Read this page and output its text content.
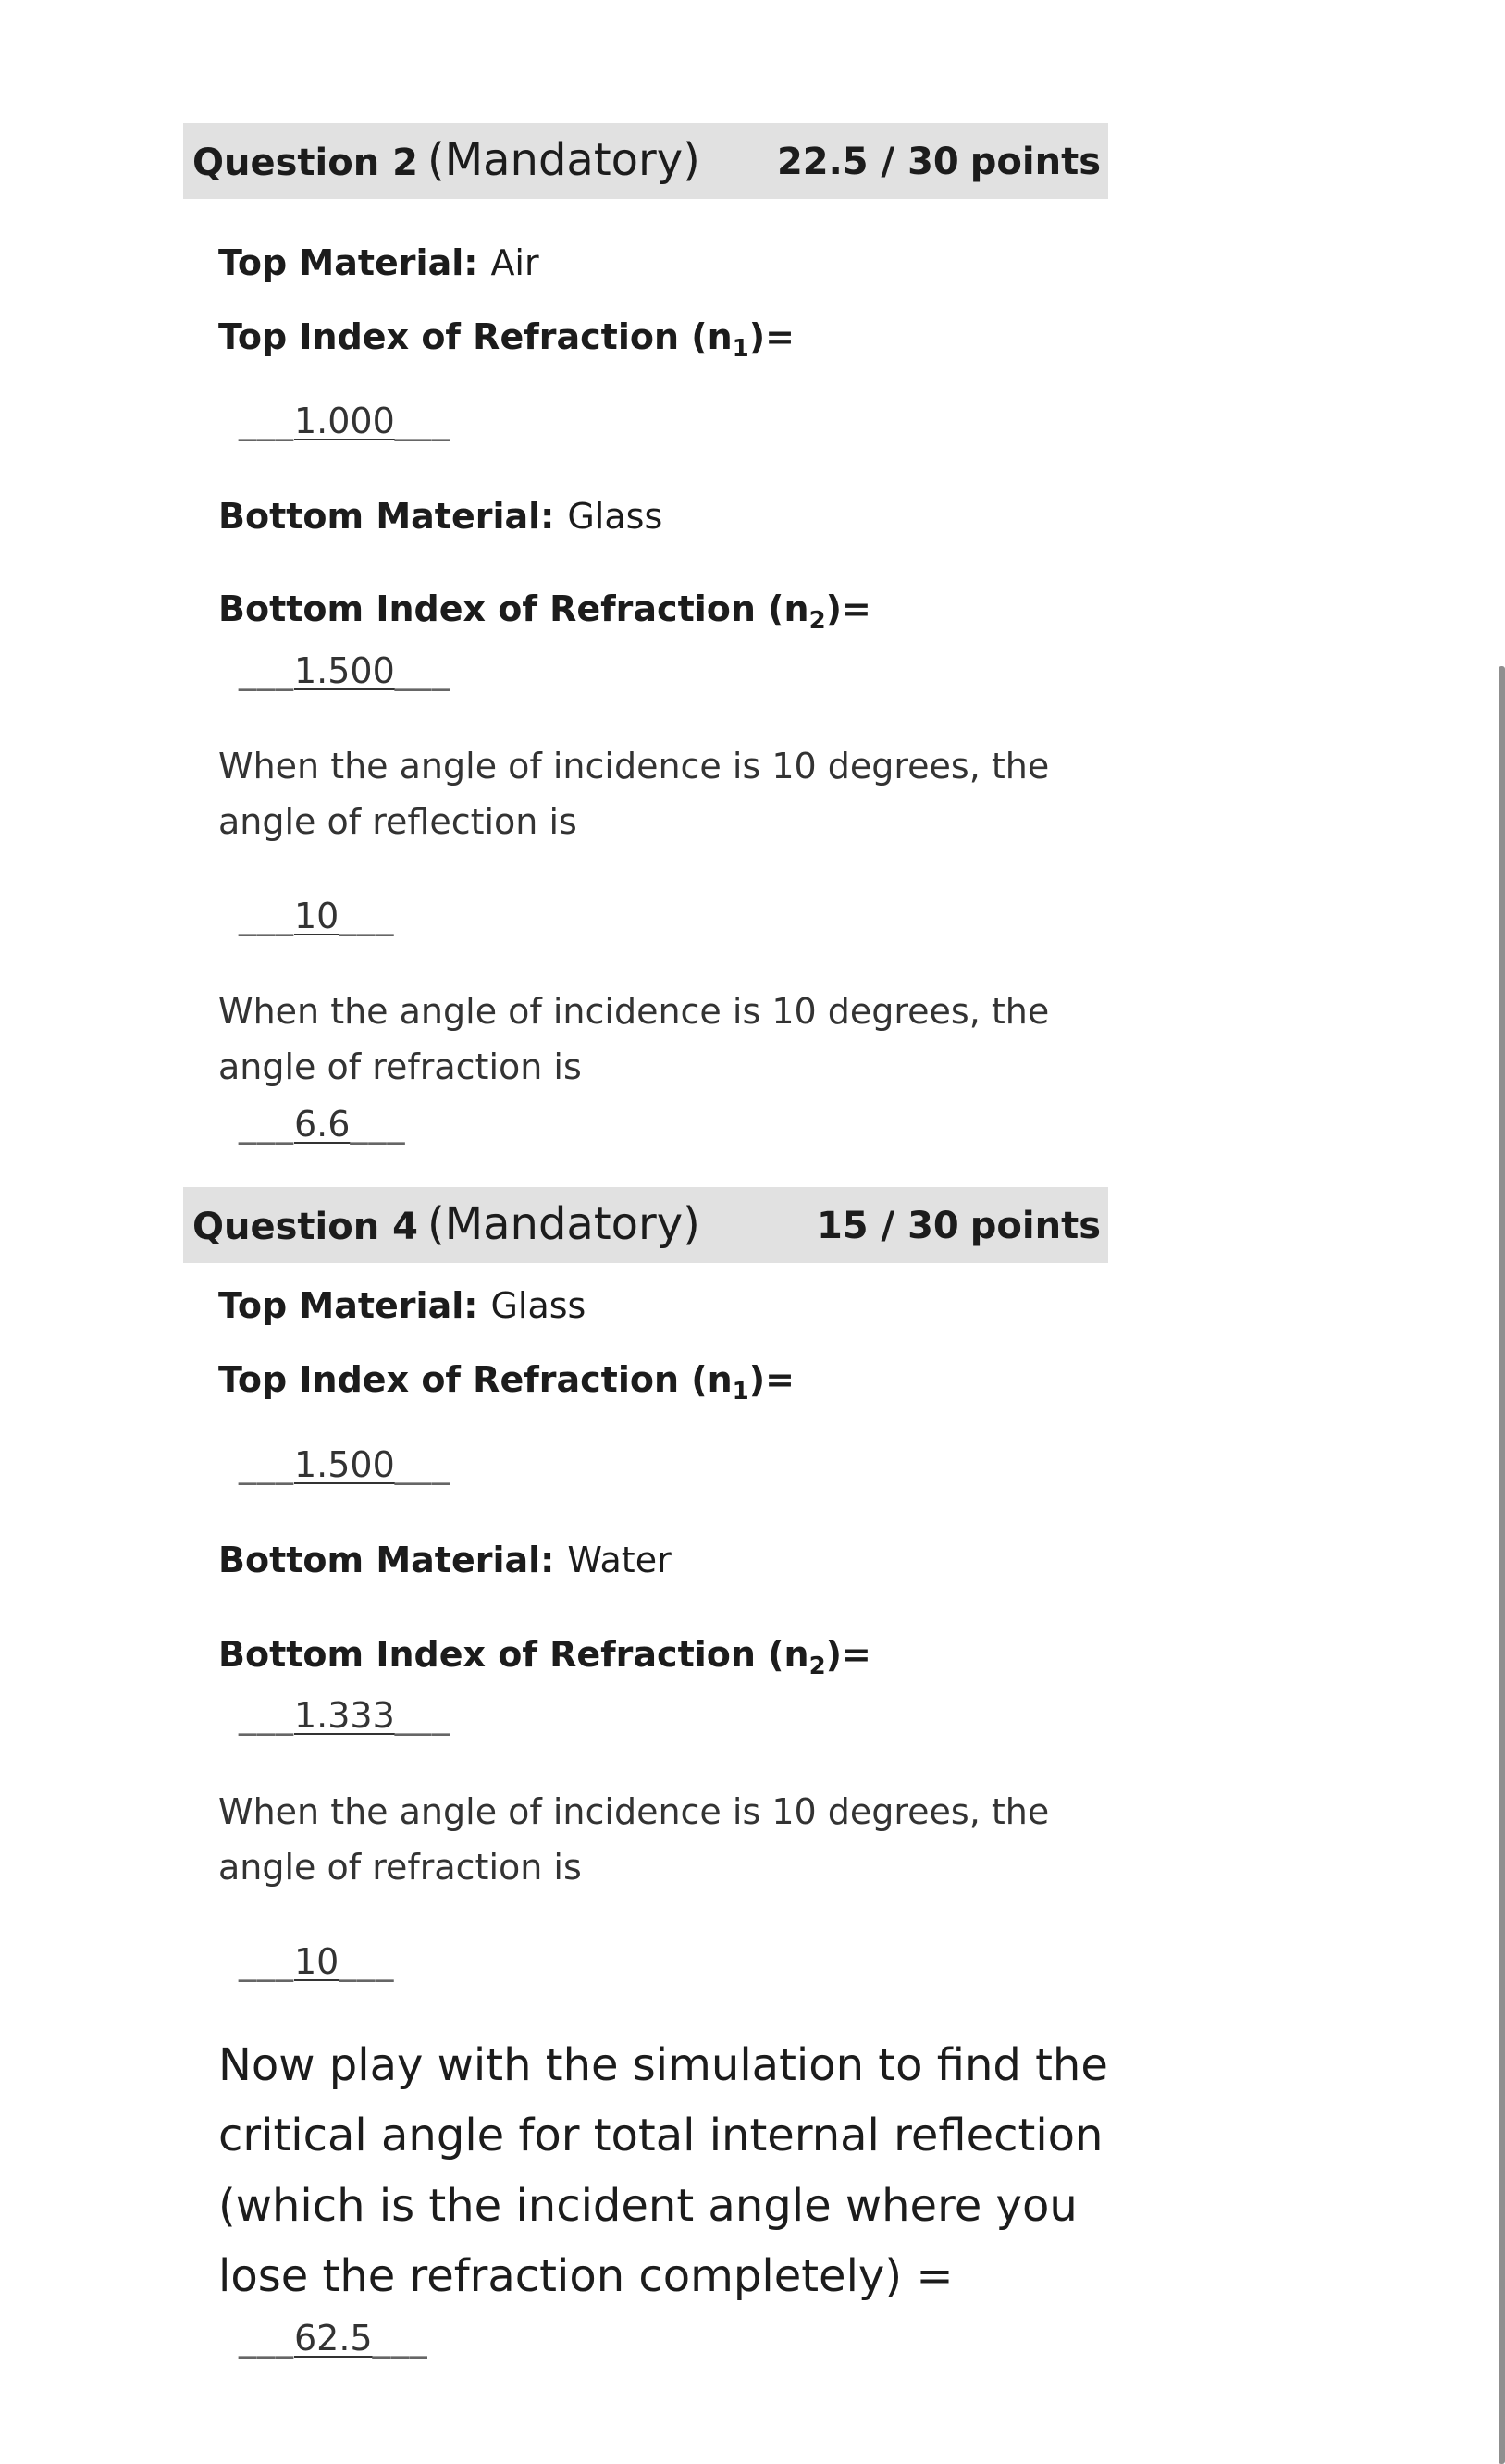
Question 2 (Mandatory) 22.5 / 30 points
Top Material: Air
Top Index of Refraction $(n_1)=$
___1.000___
Bottom Material: Glass
Bottom Index of Refraction $(n_2)=$
___1.500___
When the angle of incidence is 10 degrees, the angle of reflection is
___10___
When the angle of incidence is 10 degrees, the angle of refraction is
___6.6___
Question 4 (Mandatory)	15 / 30 points
Top Material: Glass
Top Index of Refraction $(n_1)=$
___1.500___
Bottom Material: Water
Bottom Index of Refraction $(n_2)=$
___1.333___
When the angle of incidence is 10 degrees, the angle of refraction is
___10___
Now play with the simulation to find the critical angle for total internal reflection (which is the incident angle where you lose the refraction completely) =
___62.5___
